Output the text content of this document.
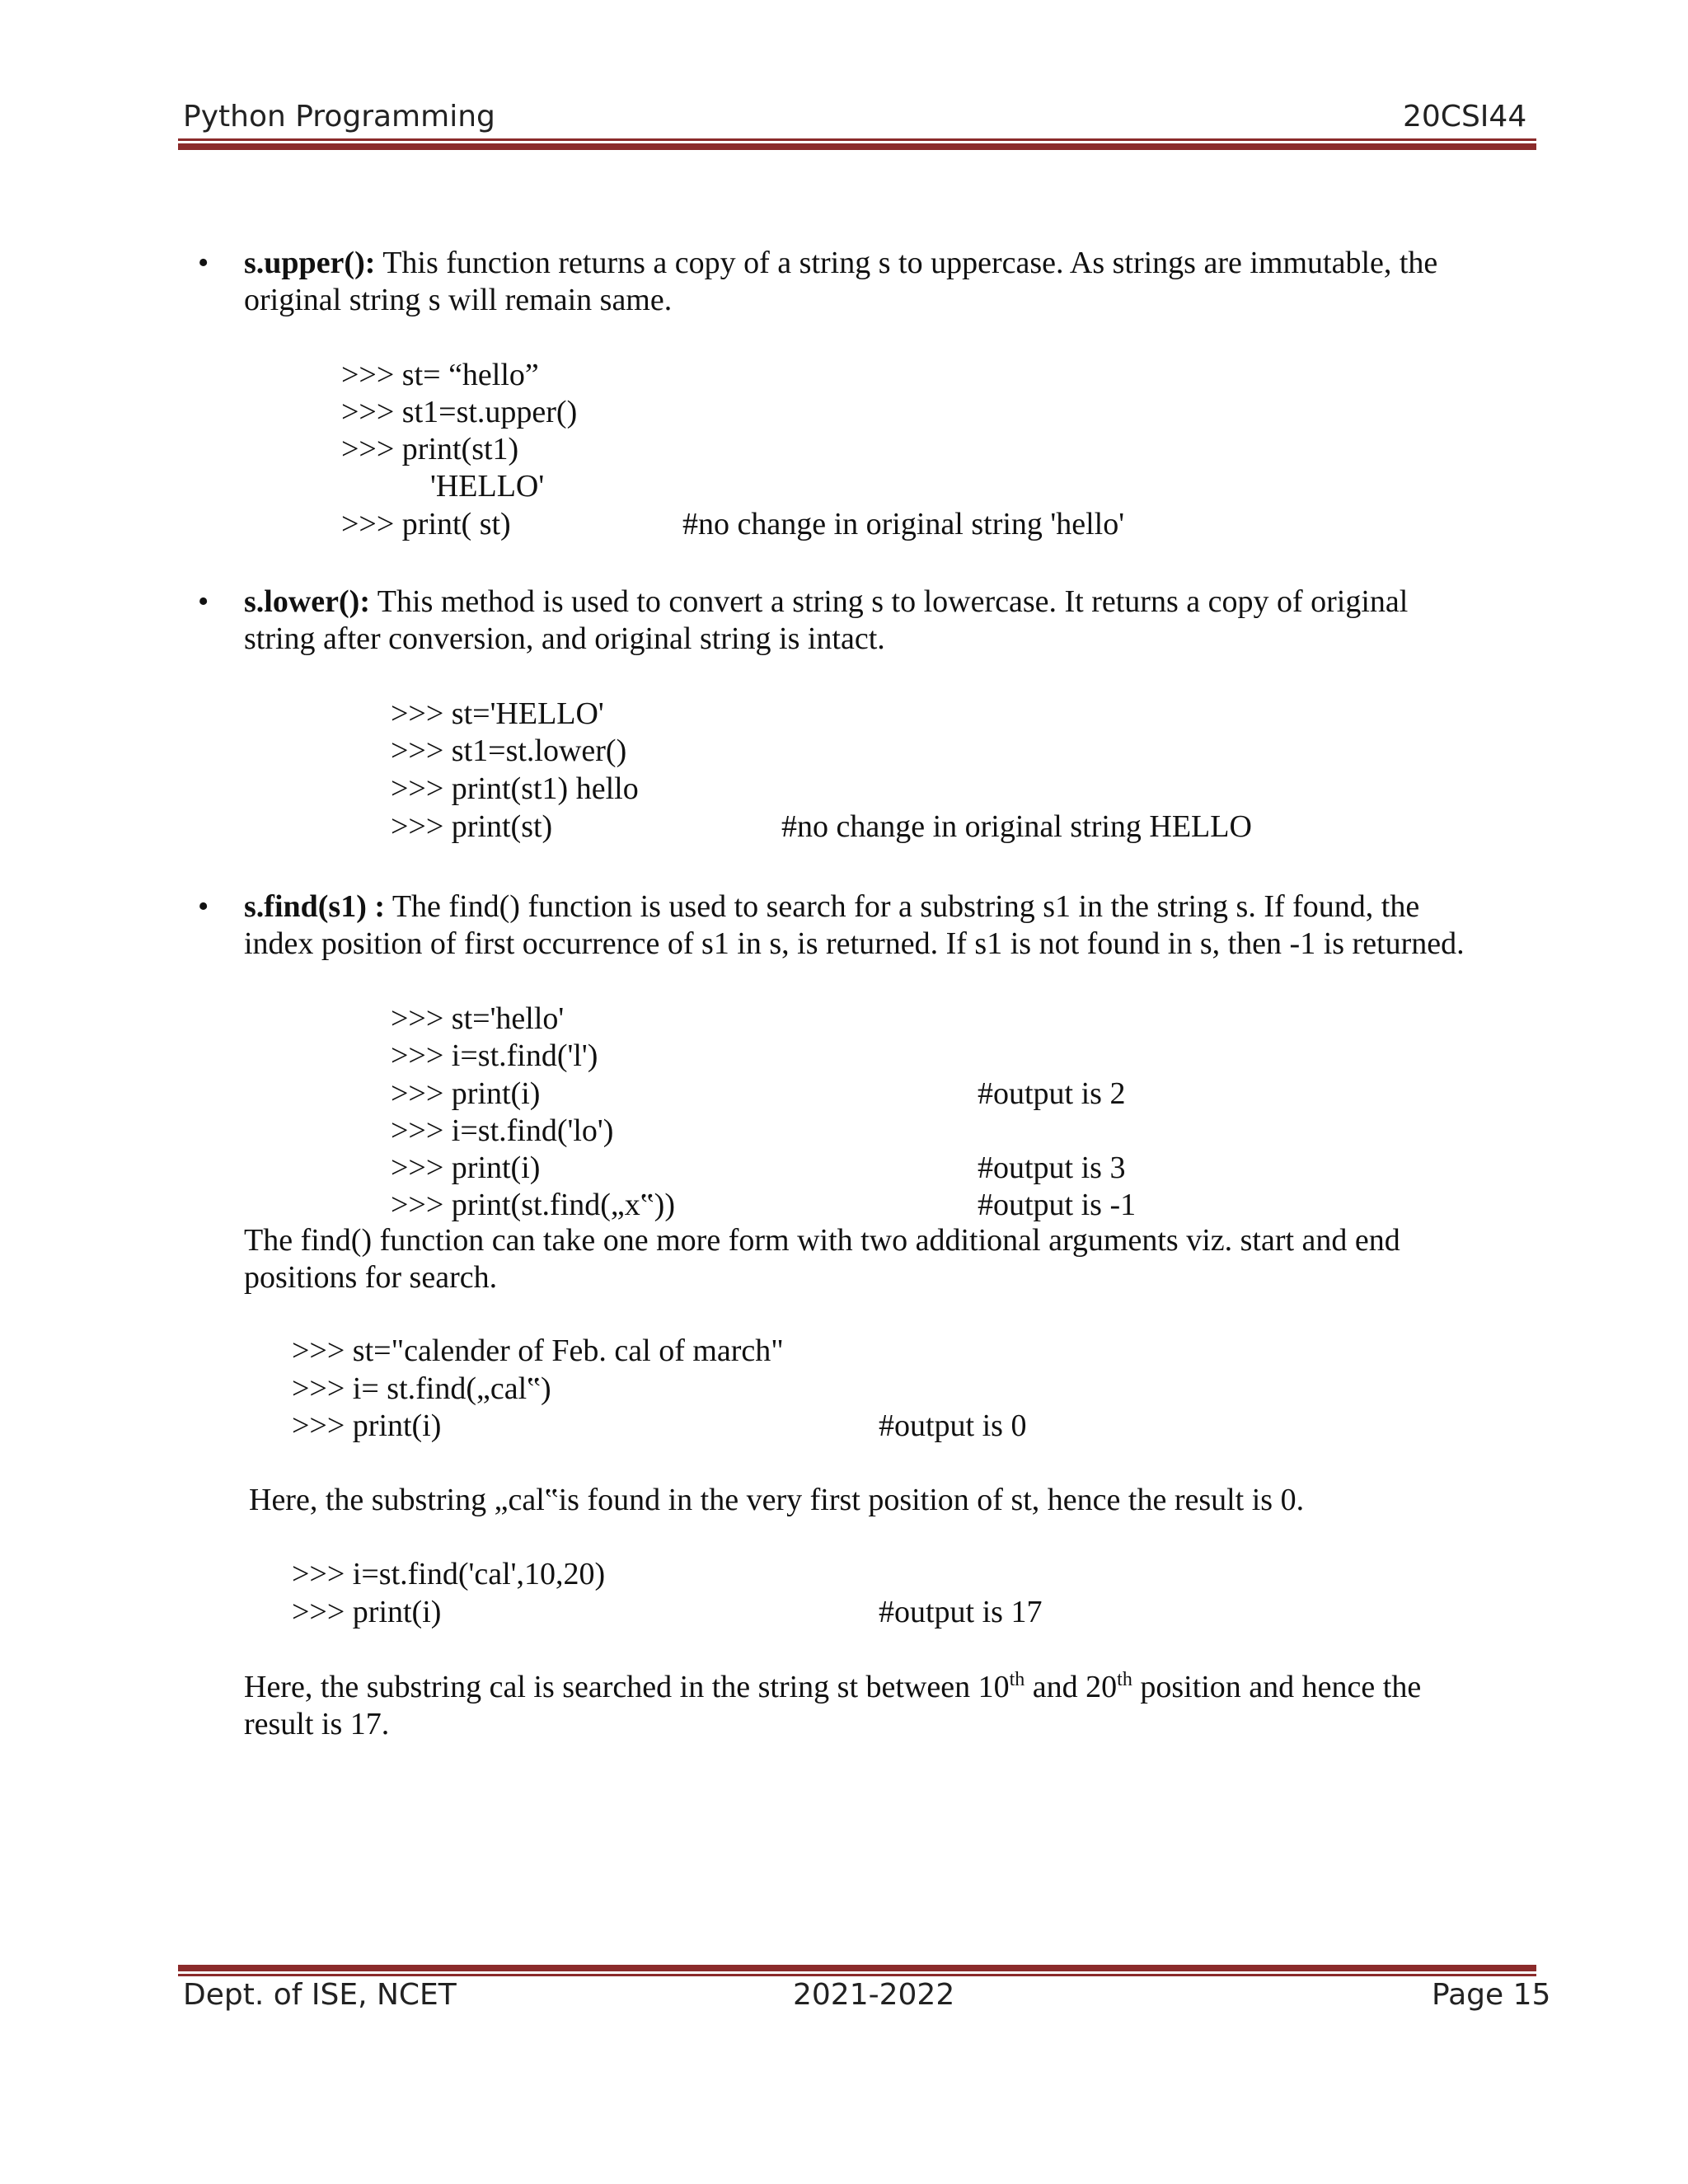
Python Programming	20CSI44
• s.upper(): This function returns a copy of a string s to uppercase. As strings are immutable, the
original string s will remain same.
>>> st= “hello”
>>> st1=st.upper()
>>> print(st1)
'HELLO'
>>> print( st)	#no change in original string 'hello'
• s.lower(): This method is used to convert a string s to lowercase. It returns a copy of original
string after conversion, and original string is intact.
>>> st='HELLO'
>>> st1=st.lower()
>>> print(st1) hello
>>> print(st)	#no change in original string HELLO
• s.find(s1) : The find() function is used to search for a substring s1 in the string s. If found, the
index position of first occurrence of s1 in s, is returned. If s1 is not found in s, then -1 is returned.
>>> st='hello'
>>> i=st.find('l')
>>> print(i)	#output is 2
>>> i=st.find('lo')
>>> print(i)	#output is 3
>>> print(st.find(„x‟))	#output is -1
The find() function can take one more form with two additional arguments viz. start and end
positions for search.
>>> st="calender of Feb. cal of march"
>>> i= st.find(„cal‟)
>>> print(i)	#output is 0
Here, the substring „cal‟is found in the very first position of st, hence the result is 0.
>>> i=st.find('cal',10,20)
>>> print(i)	#output is 17
Here, the substring cal is searched in the string st between 10th and 20th position and hence the
result is 17.
Dept. of ISE, NCET	2021-2022	Page 15
